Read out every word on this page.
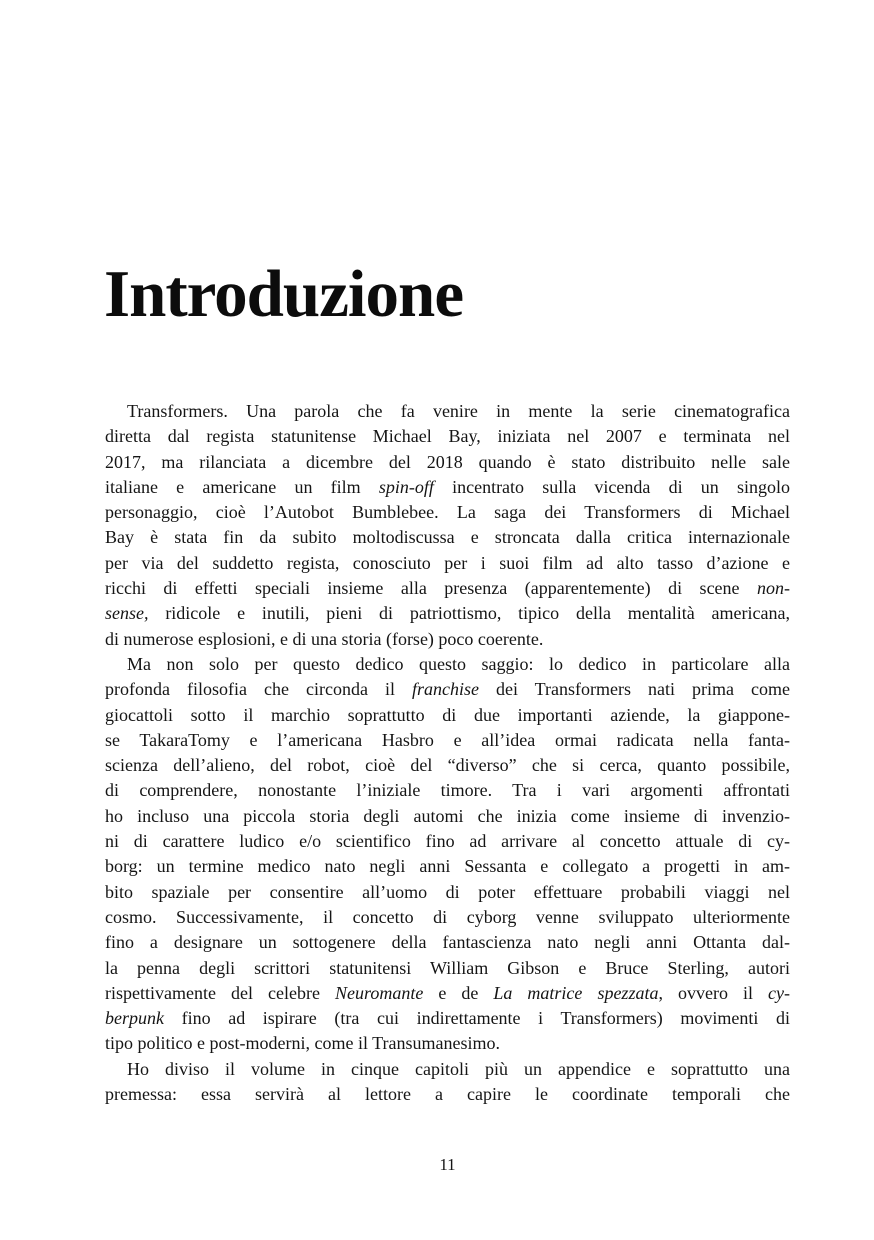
Introduzione
Transformers. Una parola che fa venire in mente la serie cinematografica
diretta dal regista statunitense Michael Bay, iniziata nel 2007 e terminata nel
2017, ma rilanciata a dicembre del 2018 quando è stato distribuito nelle sale
italiane e americane un film spin-off incentrato sulla vicenda di un singolo
personaggio, cioè l’Autobot Bumblebee. La saga dei Transformers di Michael
Bay è stata fin da subito moltodiscussa e stroncata dalla critica internazionale
per via del suddetto regista, conosciuto per i suoi film ad alto tasso d’azione e
ricchi di effetti speciali insieme alla presenza (apparentemente) di scene non-
sense, ridicole e inutili, pieni di patriottismo, tipico della mentalità americana,
di numerose esplosioni, e di una storia (forse) poco coerente.
Ma non solo per questo dedico questo saggio: lo dedico in particolare alla
profonda filosofia che circonda il franchise dei Transformers nati prima come
giocattoli sotto il marchio soprattutto di due importanti aziende, la giappone-
se TakaraTomy e l’americana Hasbro e all’idea ormai radicata nella fanta-
scienza dell’alieno, del robot, cioè del “diverso” che si cerca, quanto possibile,
di comprendere, nonostante l’iniziale timore. Tra i vari argomenti affrontati
ho incluso una piccola storia degli automi che inizia come insieme di invenzio-
ni di carattere ludico e/o scientifico fino ad arrivare al concetto attuale di cy-
borg: un termine medico nato negli anni Sessanta e collegato a progetti in am-
bito spaziale per consentire all’uomo di poter effettuare probabili viaggi nel
cosmo. Successivamente, il concetto di cyborg venne sviluppato ulteriormente
fino a designare un sottogenere della fantascienza nato negli anni Ottanta dal-
la penna degli scrittori statunitensi William Gibson e Bruce Sterling, autori
rispettivamente del celebre Neuromante e de La matrice spezzata, ovvero il cy-
berpunk fino ad ispirare (tra cui indirettamente i Transformers) movimenti di
tipo politico e post-moderni, come il Transumanesimo.
Ho diviso il volume in cinque capitoli più un appendice e soprattutto una
premessa: essa servirà al lettore a capire le coordinate temporali che
11
